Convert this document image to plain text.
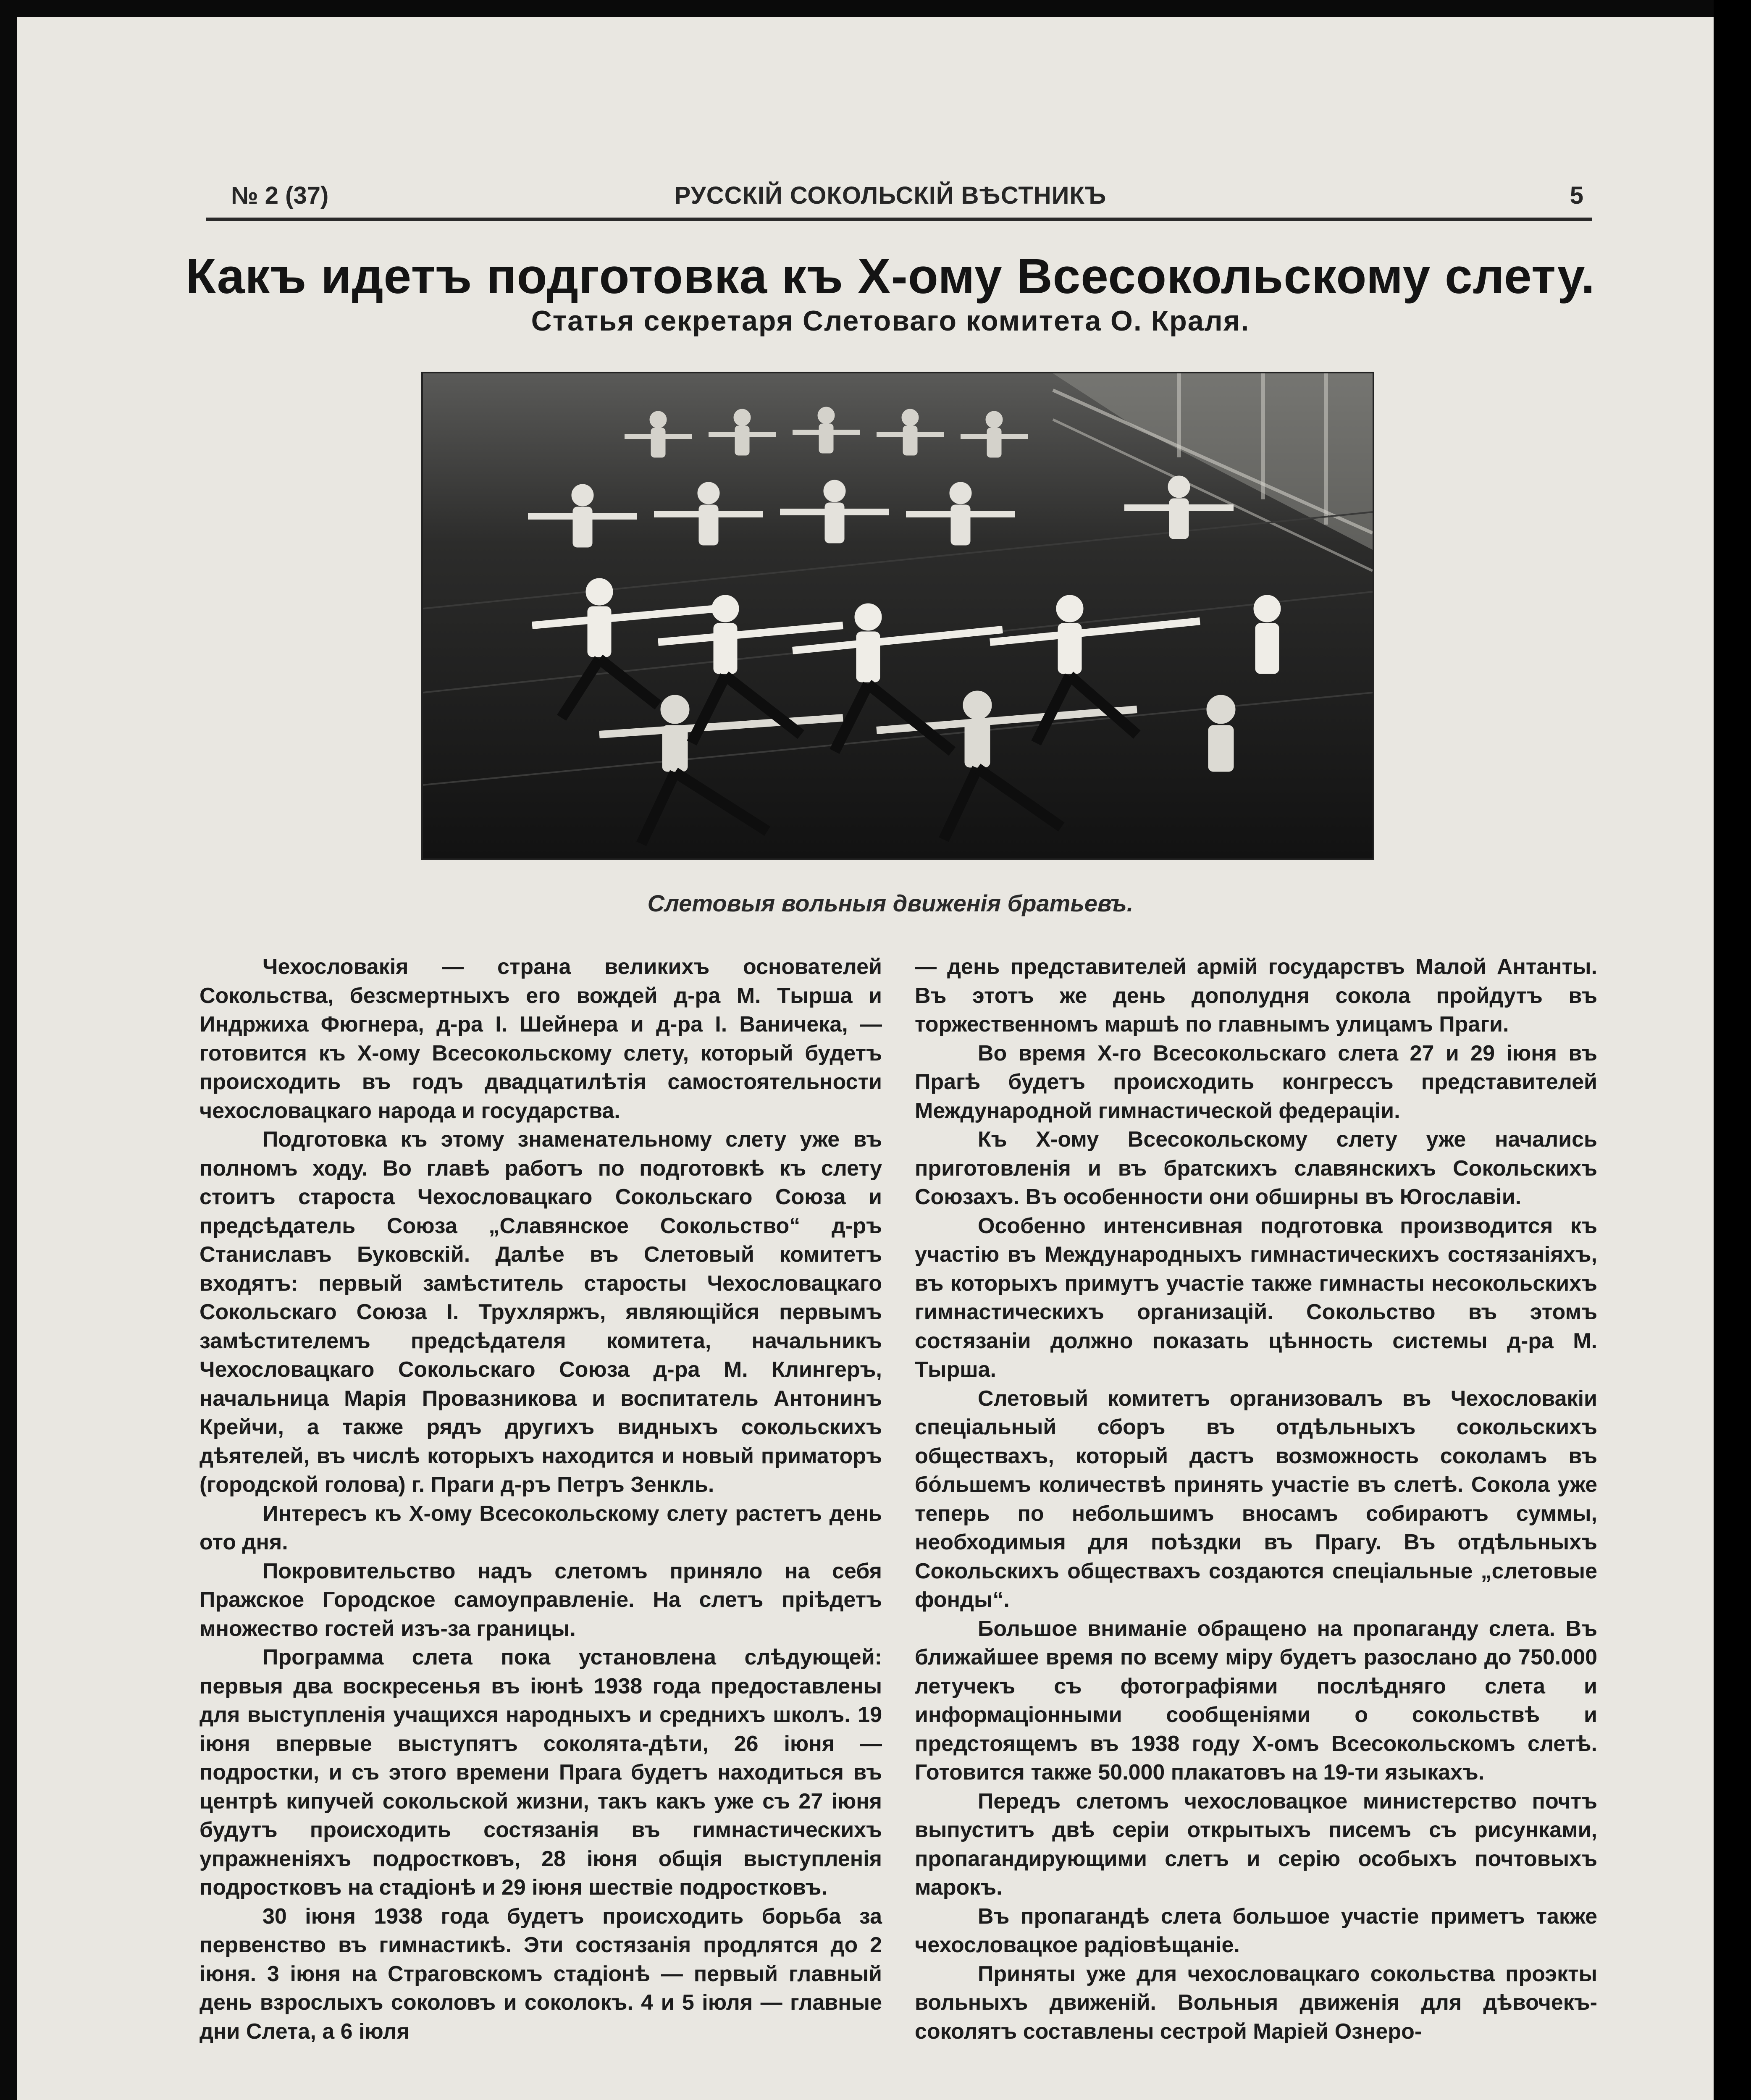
№ 2 (37)	РУССКІЙ СОКОЛЬСКІЙ ВѢСТНИКЪ	5
Какъ идетъ подготовка къ Х-ому Всесокольскому слету.
Статья секретаря Слетоваго комитета О. Краля.
Слетовыя вольныя движенія братьевъ.

Чехословакія — страна великихъ основателей Сокольства, безсмертныхъ его вождей д-ра М. Тырша и Индржиха Фюгнера, д-ра І. Шейнера и д-ра І. Ваничека, — готовится къ Х-ому Всесокольскому слету, который будетъ происходить въ годъ двадцатилѣтія самостоятельности чехословацкаго народа и государства.

Подготовка къ этому знаменательному слету уже въ полномъ ходу. Во главѣ работъ по подготовкѣ къ слету стоитъ староста Чехословацкаго Сокольскаго Союза и предсѣдатель Союза „Славянское Сокольство“ д-ръ Станиславъ Буковскій. Далѣе въ Слетовый комитетъ входятъ: первый замѣститель старосты Чехословацкаго Сокольскаго Союза І. Трухляржъ, являющійся первымъ замѣстителемъ предсѣдателя комитета, начальникъ Чехословацкаго Сокольскаго Союза д-ра М. Клингеръ, начальница Марія Провазникова и воспитатель Антонинъ Крейчи, а также рядъ другихъ видныхъ сокольскихъ дѣятелей, въ числѣ которыхъ находится и новый приматоръ (городской голова) г. Праги д-ръ Петръ Зенкль.

Интересъ къ Х-ому Всесокольскому слету растетъ день ото дня.

Покровительство надъ слетомъ приняло на себя Пражское Городское самоуправленіе. На слетъ пріѣдетъ множество гостей изъ-за границы.

Программа слета пока установлена слѣдующей: первыя два воскресенья въ іюнѣ 1938 года предоставлены для выступленія учащихся народныхъ и среднихъ школъ. 19 іюня впервые выступятъ соколята-дѣти, 26 іюня — подростки, и съ этого времени Прага будетъ находиться въ центрѣ кипучей сокольской жизни, такъ какъ уже съ 27 іюня будутъ происходить состязанія въ гимнастическихъ упражненіяхъ подростковъ, 28 іюня общія выступленія подростковъ на стадіонѣ и 29 іюня шествіе подростковъ.

30 іюня 1938 года будетъ происходить борьба за первенство въ гимнастикѣ. Эти состязанія продлятся до 2 іюня. 3 іюня на Страговскомъ стадіонѣ — первый главный день взрослыхъ соколовъ и соколокъ. 4 и 5 іюля — главные дни Слета, а 6 іюля

— день представителей армій государствъ Малой Антанты. Въ этотъ же день дополудня сокола пройдутъ въ торжественномъ маршѣ по главнымъ улицамъ Праги.

Во время Х-го Всесокольскаго слета 27 и 29 іюня въ Прагѣ будетъ происходить конгрессъ представителей Международной гимнастической федераціи.

Къ Х-ому Всесокольскому слету уже начались приготовленія и въ братскихъ славянскихъ Сокольскихъ Союзахъ. Въ особенности они обширны въ Югославіи.

Особенно интенсивная подготовка производится къ участію въ Международныхъ гимнастическихъ состязаніяхъ, въ которыхъ примутъ участіе также гимнасты несокольскихъ гимнастическихъ организацій. Сокольство въ этомъ состязаніи должно показать цѣнность системы д-ра М. Тырша.

Слетовый комитетъ организовалъ въ Чехословакіи спеціальный сборъ въ отдѣльныхъ сокольскихъ обществахъ, который дастъ возможность соколамъ въ бо́льшемъ количествѣ принять участіе въ слетѣ. Сокола уже теперь по небольшимъ вносамъ собираютъ суммы, необходимыя для поѣздки въ Прагу. Въ отдѣльныхъ Сокольскихъ обществахъ создаются спеціальные „слетовые фонды“.

Большое вниманіе обращено на пропаганду слета. Въ ближайшее время по всему міру будетъ разослано до 750.000 летучекъ съ фотографіями послѣдняго слета и информаціонными сообщеніями о сокольствѣ и предстоящемъ въ 1938 году Х-омъ Всесокольскомъ слетѣ. Готовится также 50.000 плакатовъ на 19-ти языкахъ.

Передъ слетомъ чехословацкое министерство почтъ выпуститъ двѣ серіи открытыхъ писемъ съ рисунками, пропагандирующими слетъ и серію особыхъ почтовыхъ марокъ.

Въ пропагандѣ слета большое участіе приметъ также чехословацкое радіовѣщаніе.

Приняты уже для чехословацкаго сокольства проэкты вольныхъ движеній. Вольныя движенія для дѣвочекъ-соколятъ составлены сестрой Маріей Ознеро-
